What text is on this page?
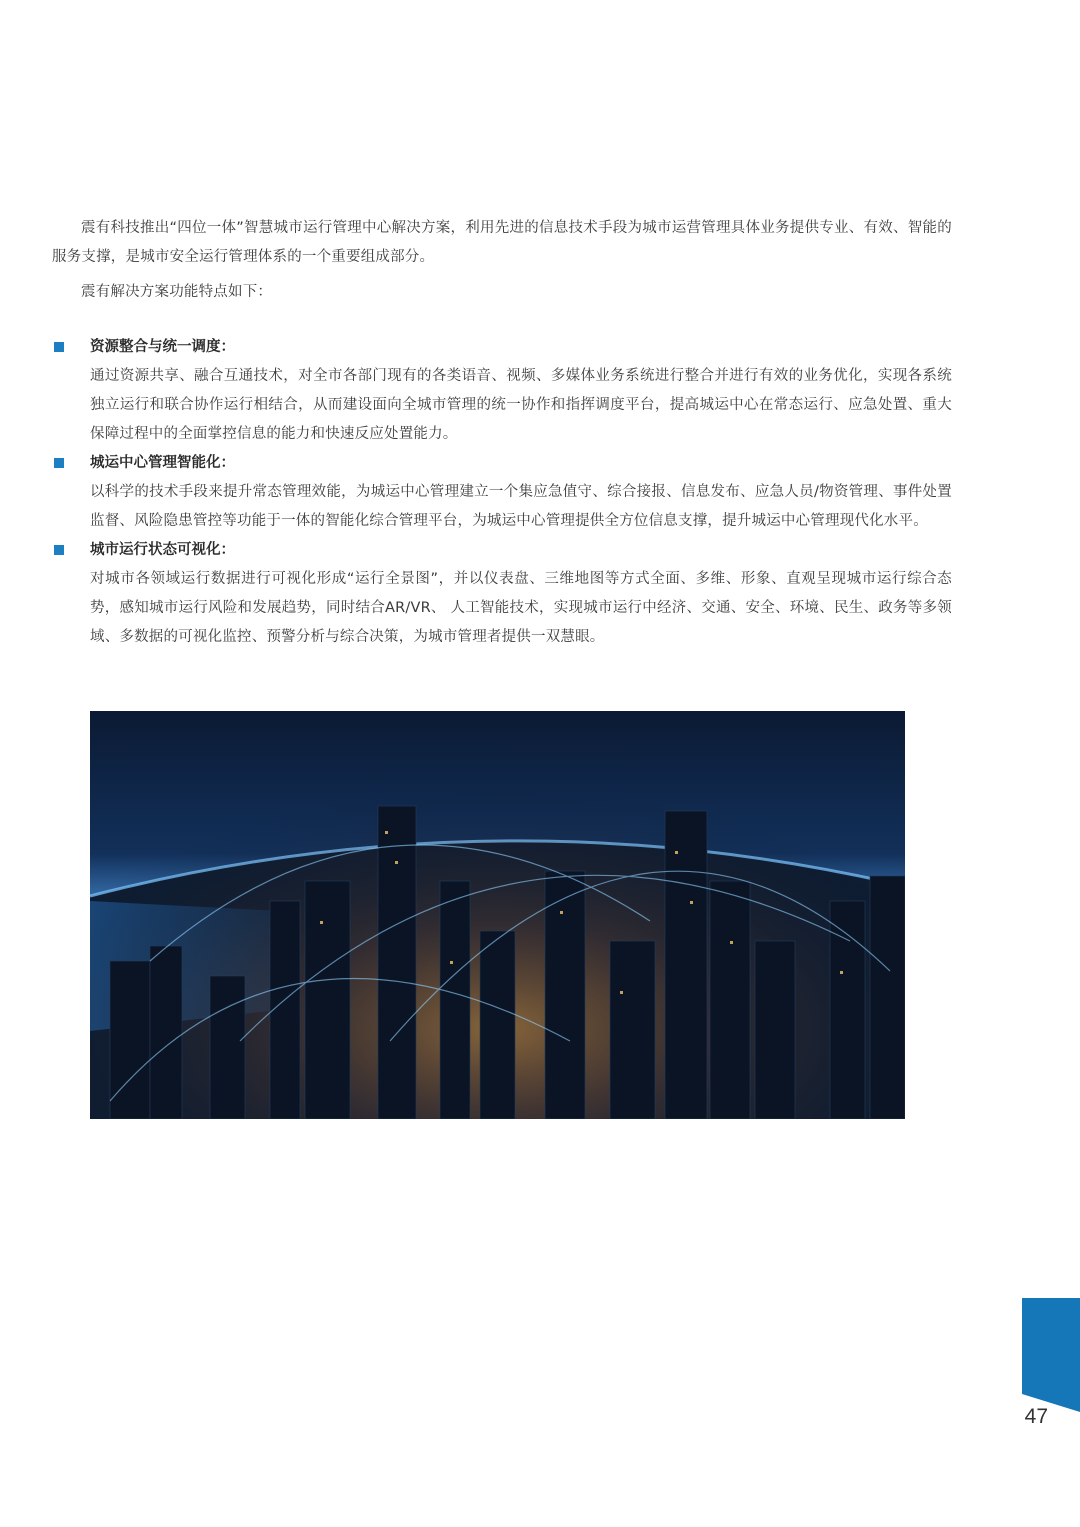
震有科技推出“四位一体”智慧城市运行管理中心解决方案，利用先进的信息技术手段为城市运营管理具体业务提供专业、有效、智能的服务支撑，是城市安全运行管理体系的一个重要组成部分。

震有解决方案功能特点如下：

资源整合与统一调度：

通过资源共享、融合互通技术，对全市各部门现有的各类语音、视频、多媒体业务系统进行整合并进行有效的业务优化，实现各系统独立运行和联合协作运行相结合，从而建设面向全城市管理的统一协作和指挥调度平台，提高城运中心在常态运行、应急处置、重大保障过程中的全面掌控信息的能力和快速反应处置能力。

城运中心管理智能化：

以科学的技术手段来提升常态管理效能，为城运中心管理建立一个集应急值守、综合接报、信息发布、应急人员/物资管理、事件处置监督、风险隐患管控等功能于一体的智能化综合管理平台，为城运中心管理提供全方位信息支撑，提升城运中心管理现代化水平。

城市运行状态可视化：

对城市各领域运行数据进行可视化形成“运行全景图”，并以仪表盘、三维地图等方式全面、多维、形象、直观呈现城市运行综合态势，感知城市运行风险和发展趋势，同时结合AR/VR、 人工智能技术，实现城市运行中经济、交通、安全、环境、民生、政务等多领域、多数据的可视化监控、预警分析与综合决策，为城市管理者提供一双慧眼。

47
